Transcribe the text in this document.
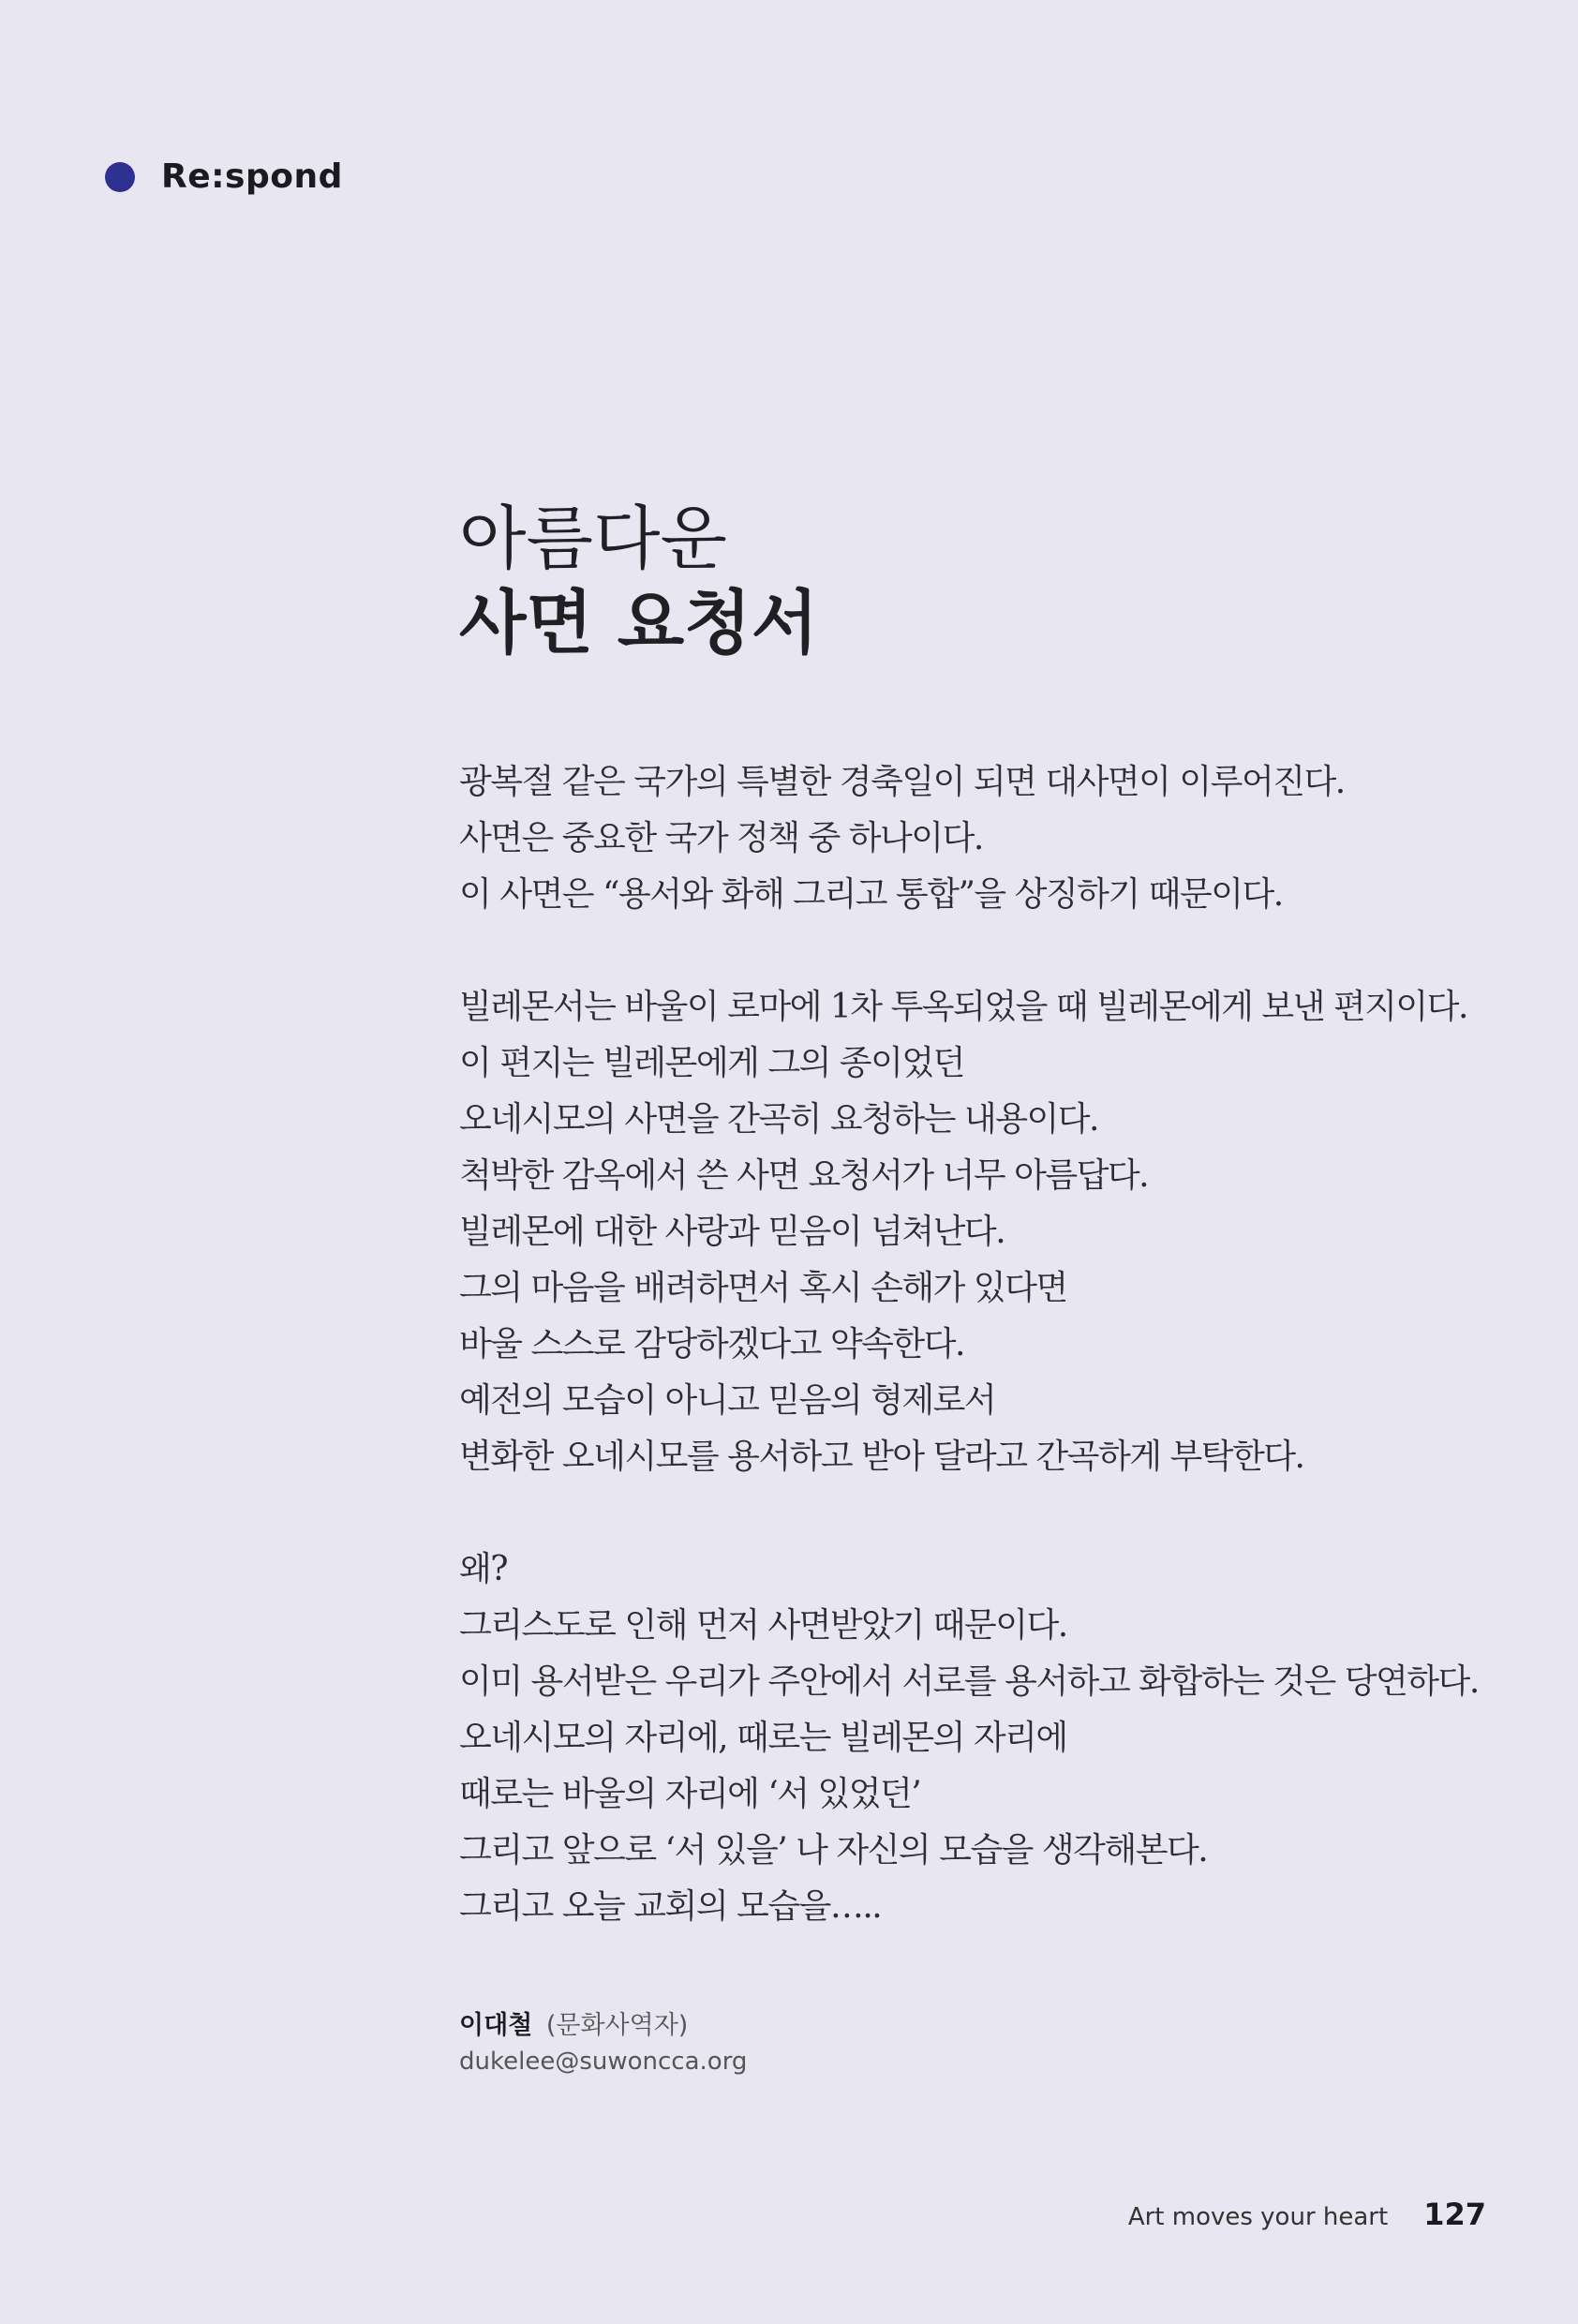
Re:spond
아름다운
사면 요청서
광복절 같은 국가의 특별한 경축일이 되면 대사면이 이루어진다.
사면은 중요한 국가 정책 중 하나이다.
이 사면은 “용서와 화해 그리고 통합”을 상징하기 때문이다.
빌레몬서는 바울이 로마에 1차 투옥되었을 때 빌레몬에게 보낸 편지이다.
이 편지는 빌레몬에게 그의 종이었던
오네시모의 사면을 간곡히 요청하는 내용이다.
척박한 감옥에서 쓴 사면 요청서가 너무 아름답다.
빌레몬에 대한 사랑과 믿음이 넘쳐난다.
그의 마음을 배려하면서 혹시 손해가 있다면
바울 스스로 감당하겠다고 약속한다.
예전의 모습이 아니고 믿음의 형제로서
변화한 오네시모를 용서하고 받아 달라고 간곡하게 부탁한다.
왜?
그리스도로 인해 먼저 사면받았기 때문이다.
이미 용서받은 우리가 주안에서 서로를 용서하고 화합하는 것은 당연하다.
오네시모의 자리에, 때로는 빌레몬의 자리에
때로는 바울의 자리에 ‘서 있었던’
그리고 앞으로 ‘서 있을’ 나 자신의 모습을 생각해본다.
그리고 오늘 교회의 모습을…..
이대철 (문화사역자)
dukelee@suwoncca.org
Art moves your heart 127
